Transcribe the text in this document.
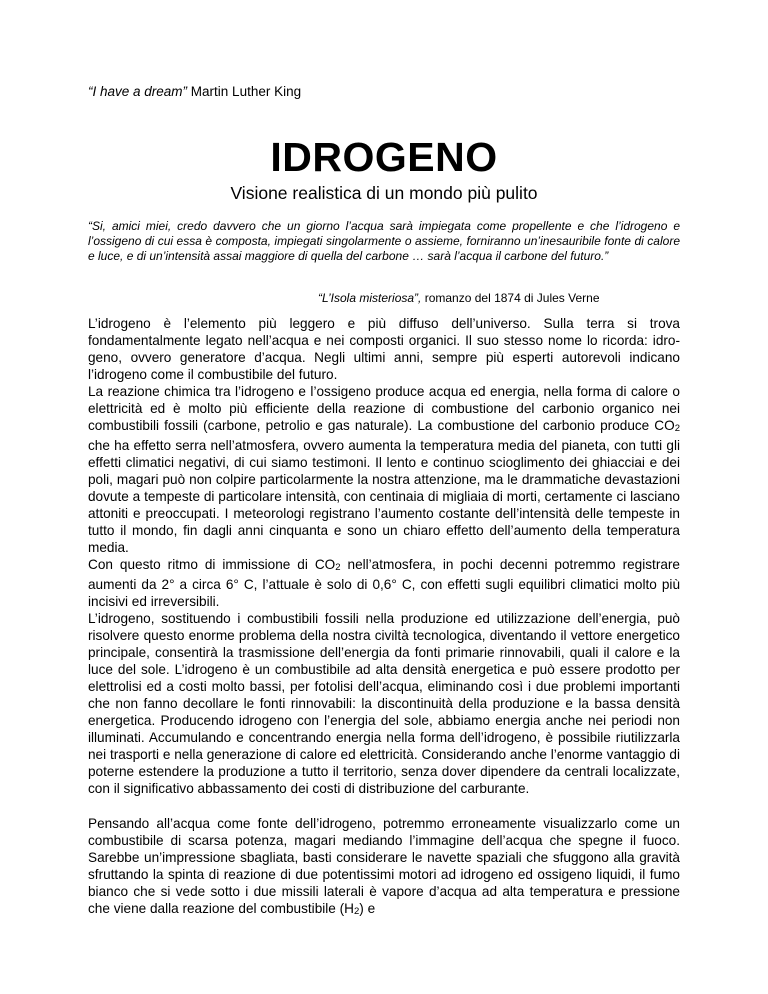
“I have a dream” Martin Luther King
IDROGENO
Visione realistica di un mondo più pulito
“Si, amici miei, credo davvero che un giorno l’acqua sarà impiegata come propellente e che l’idrogeno e l’ossigeno di cui essa è composta, impiegati singolarmente o assieme, forniranno un’inesauribile fonte di calore e luce, e di un’intensità assai maggiore di quella del carbone … sarà l’acqua il carbone del futuro.”
“L’Isola misteriosa”, romanzo del 1874 di Jules Verne

L’idrogeno è l’elemento più leggero e più diffuso dell’universo. Sulla terra si trova fondamentalmente legato nell’acqua e nei composti organici. Il suo stesso nome lo ricorda: idro-geno, ovvero generatore d’acqua. Negli ultimi anni, sempre più esperti autorevoli indicano l’idrogeno come il combustibile del futuro.

La reazione chimica tra l’idrogeno e l’ossigeno produce acqua ed energia, nella forma di calore o elettricità ed è molto più efficiente della reazione di combustione del carbonio organico nei combustibili fossili (carbone, petrolio e gas naturale). La combustione del carbonio produce CO2 che ha effetto serra nell’atmosfera, ovvero aumenta la temperatura media del pianeta, con tutti gli effetti climatici negativi, di cui siamo testimoni. Il lento e continuo scioglimento dei ghiacciai e dei poli, magari può non colpire particolarmente la nostra attenzione, ma le drammatiche devastazioni dovute a tempeste di particolare intensità, con centinaia di migliaia di morti, certamente ci lasciano attoniti e preoccupati. I meteorologi registrano l’aumento costante dell’intensità delle tempeste in tutto il mondo, fin dagli anni cinquanta e sono un chiaro effetto dell’aumento della temperatura media.

Con questo ritmo di immissione di CO2 nell’atmosfera, in pochi decenni potremmo registrare aumenti da 2° a circa 6° C, l’attuale è solo di 0,6° C, con effetti sugli equilibri climatici molto più incisivi ed irreversibili.

L’idrogeno, sostituendo i combustibili fossili nella produzione ed utilizzazione dell’energia, può risolvere questo enorme problema della nostra civiltà tecnologica, diventando il vettore energetico principale, consentirà la trasmissione dell’energia da fonti primarie rinnovabili, quali il calore e la luce del sole. L’idrogeno è un combustibile ad alta densità energetica e può essere prodotto per elettrolisi ed a costi molto bassi, per fotolisi dell’acqua, eliminando così i due problemi importanti che non fanno decollare le fonti rinnovabili: la discontinuità della produzione e la bassa densità energetica. Producendo idrogeno con l’energia del sole, abbiamo energia anche nei periodi non illuminati. Accumulando e concentrando energia nella forma dell’idrogeno, è possibile riutilizzarla nei trasporti e nella generazione di calore ed elettricità. Considerando anche l’enorme vantaggio di poterne estendere la produzione a tutto il territorio, senza dover dipendere da centrali localizzate, con il significativo abbassamento dei costi di distribuzione del carburante.

Pensando all’acqua come fonte dell’idrogeno, potremmo erroneamente visualizzarlo come un combustibile di scarsa potenza, magari mediando l’immagine dell’acqua che spegne il fuoco. Sarebbe un’impressione sbagliata, basti considerare le navette spaziali che sfuggono alla gravità sfruttando la spinta di reazione di due potentissimi motori ad idrogeno ed ossigeno liquidi, il fumo bianco che si vede sotto i due missili laterali è vapore d’acqua ad alta temperatura e pressione che viene dalla reazione del combustibile (H2) e
